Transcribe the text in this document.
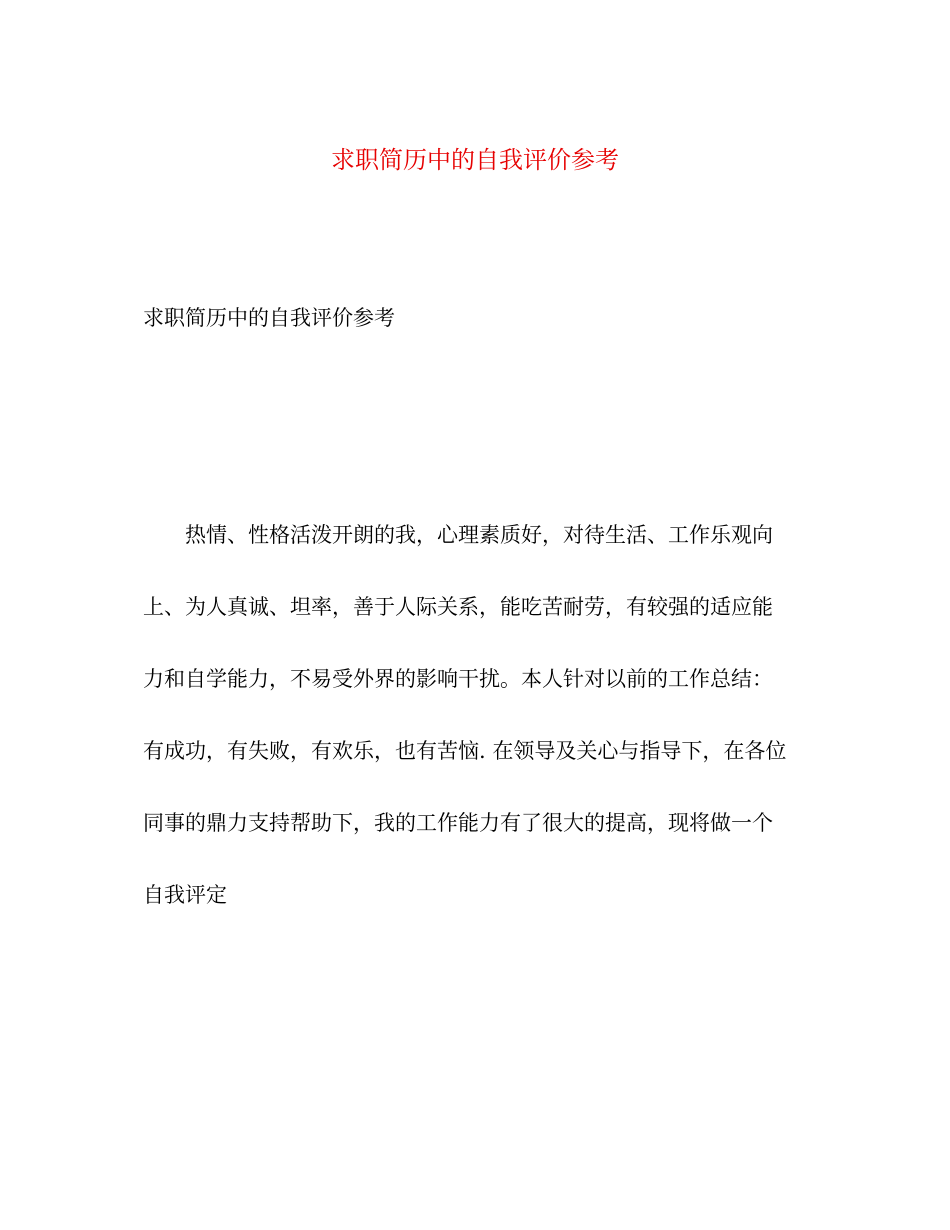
求职简历中的自我评价参考

求职简历中的自我评价参考

热情、性格活泼开朗的我，心理素质好，对待生活、工作乐观向
上、为人真诚、坦率，善于人际关系，能吃苦耐劳，有较强的适应能
力和自学能力，不易受外界的影响干扰。本人针对以前的工作总结：
有成功，有失败，有欢乐，也有苦恼. 在领导及关心与指导下，在各位
同事的鼎力支持帮助下，我的工作能力有了很大的提高，现将做一个
自我评定
